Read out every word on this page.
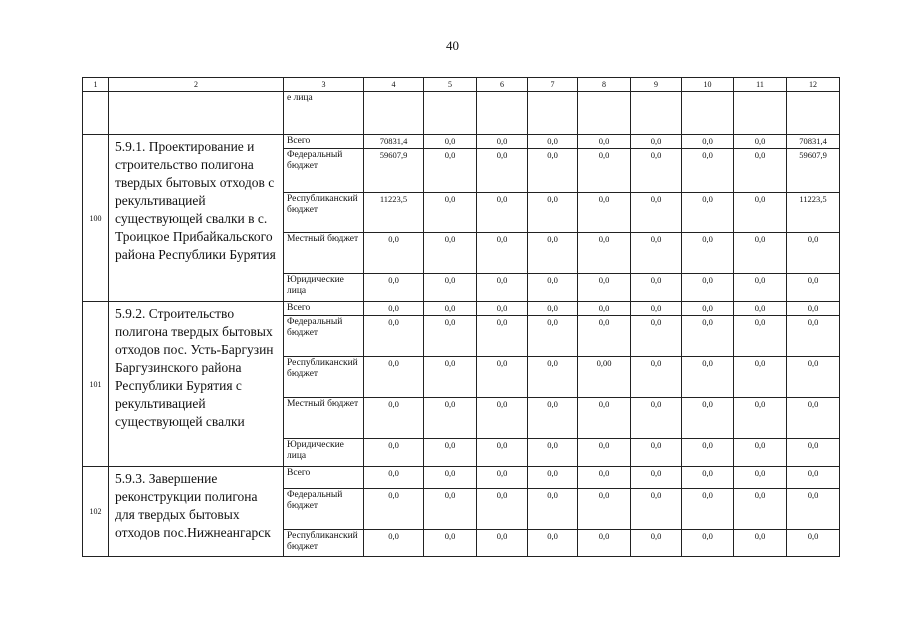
40
1	2	3	4	5	6	7	8	9	10	11	12
		е лица									
100	5.9.1. Проектирование и строительство полигона твердых бытовых отходов с рекультивацией существующей свалки в с. Троицкое Прибайкальского района Республики Бурятия	Всего	70831,4	0,0	0,0	0,0	0,0	0,0	0,0	0,0	70831,4
		Федеральный бюджет	59607,9	0,0	0,0	0,0	0,0	0,0	0,0	0,0	59607,9
		Республиканский бюджет	11223,5	0,0	0,0	0,0	0,0	0,0	0,0	0,0	11223,5
		Местный бюджет	0,0	0,0	0,0	0,0	0,0	0,0	0,0	0,0	0,0
		Юридические лица	0,0	0,0	0,0	0,0	0,0	0,0	0,0	0,0	0,0
101	5.9.2. Строительство полигона твердых бытовых отходов пос. Усть-Баргузин Баргузинского района Республики Бурятия с рекультивацией существующей свалки	Всего	0,0	0,0	0,0	0,0	0,0	0,0	0,0	0,0	0,0
		Федеральный бюджет	0,0	0,0	0,0	0,0	0,0	0,0	0,0	0,0	0,0
		Республиканский бюджет	0,0	0,0	0,0	0,0	0,00	0,0	0,0	0,0	0,0
		Местный бюджет	0,0	0,0	0,0	0,0	0,0	0,0	0,0	0,0	0,0
		Юридические лица	0,0	0,0	0,0	0,0	0,0	0,0	0,0	0,0	0,0
102	5.9.3. Завершение реконструкции полигона для твердых бытовых отходов пос.Нижнеангарск	Всего	0,0	0,0	0,0	0,0	0,0	0,0	0,0	0,0	0,0
		Федеральный бюджет	0,0	0,0	0,0	0,0	0,0	0,0	0,0	0,0	0,0
		Республиканский бюджет	0,0	0,0	0,0	0,0	0,0	0,0	0,0	0,0	0,0
